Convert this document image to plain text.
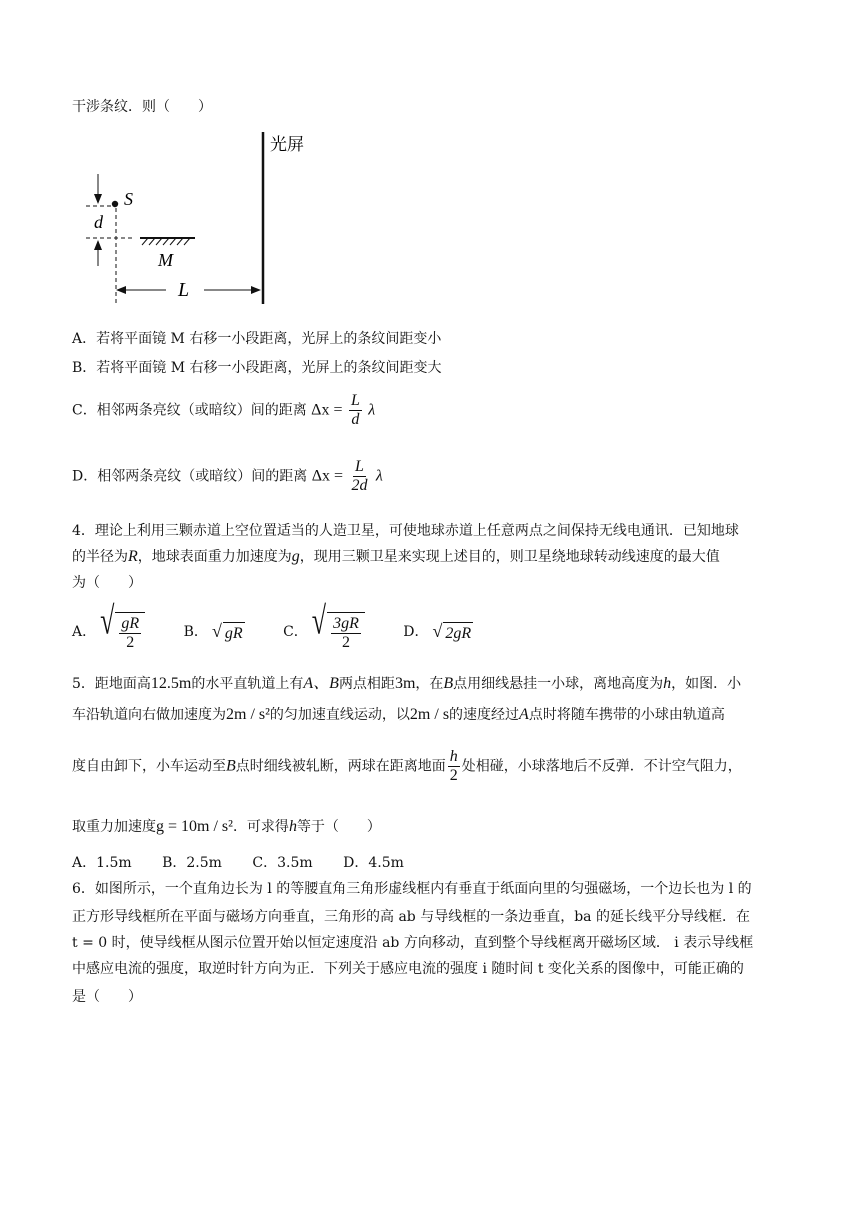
干涉条纹．则（　　）
光屏
S
d
M
L
A．若将平面镜 M 右移一小段距离，光屏上的条纹间距变小
B．若将平面镜 M 右移一小段距离，光屏上的条纹间距变大
C．相邻两条亮纹（或暗纹）间的距离 $\Delta x = \frac{L}{d}$ λ
D．相邻两条亮纹（或暗纹）间的距离 $\Delta x = \frac{L}{2d}$ λ
4．理论上利用三颗赤道上空位置适当的人造卫星，可使地球赤道上任意两点之间保持无线电通讯．已知地球
的半径为R，地球表面重力加速度为g，现用三颗卫星来实现上述目的，则卫星绕地球转动线速度的最大值
为（　　）
A． √ $\frac{gR}{2}$	B． √ gR	C． √ $\frac{3gR}{2}$	D． √ 2gR
5．距地面高12.5m的水平直轨道上有A、B两点相距3m，在B点用细线悬挂一小球，离地高度为h，如图．小
车沿轨道向右做加速度为2m / s²的匀加速直线运动，以2m / s的速度经过A点时将随车携带的小球由轨道高
度自由卸下，小车运动至B点时细线被轧断，两球在距离地面 $\frac{h}{2}$ 处相碰，小球落地后不反弹．不计空气阻力，
取重力加速度g = 10m / s²．可求得h等于（　　）
A．1.5m B．2.5m C．3.5m D．4.5m
6．如图所示，一个直角边长为 l 的等腰直角三角形虚线框内有垂直于纸面向里的匀强磁场，一个边长也为 l 的
正方形导线框所在平面与磁场方向垂直，三角形的高 ab 与导线框的一条边垂直，ba 的延长线平分导线框．在
t = 0 时，使导线框从图示位置开始以恒定速度沿 ab 方向移动，直到整个导线框离开磁场区域． i 表示导线框
中感应电流的强度，取逆时针方向为正．下列关于感应电流的强度 i 随时间 t 变化关系的图像中，可能正确的
是（　　）
